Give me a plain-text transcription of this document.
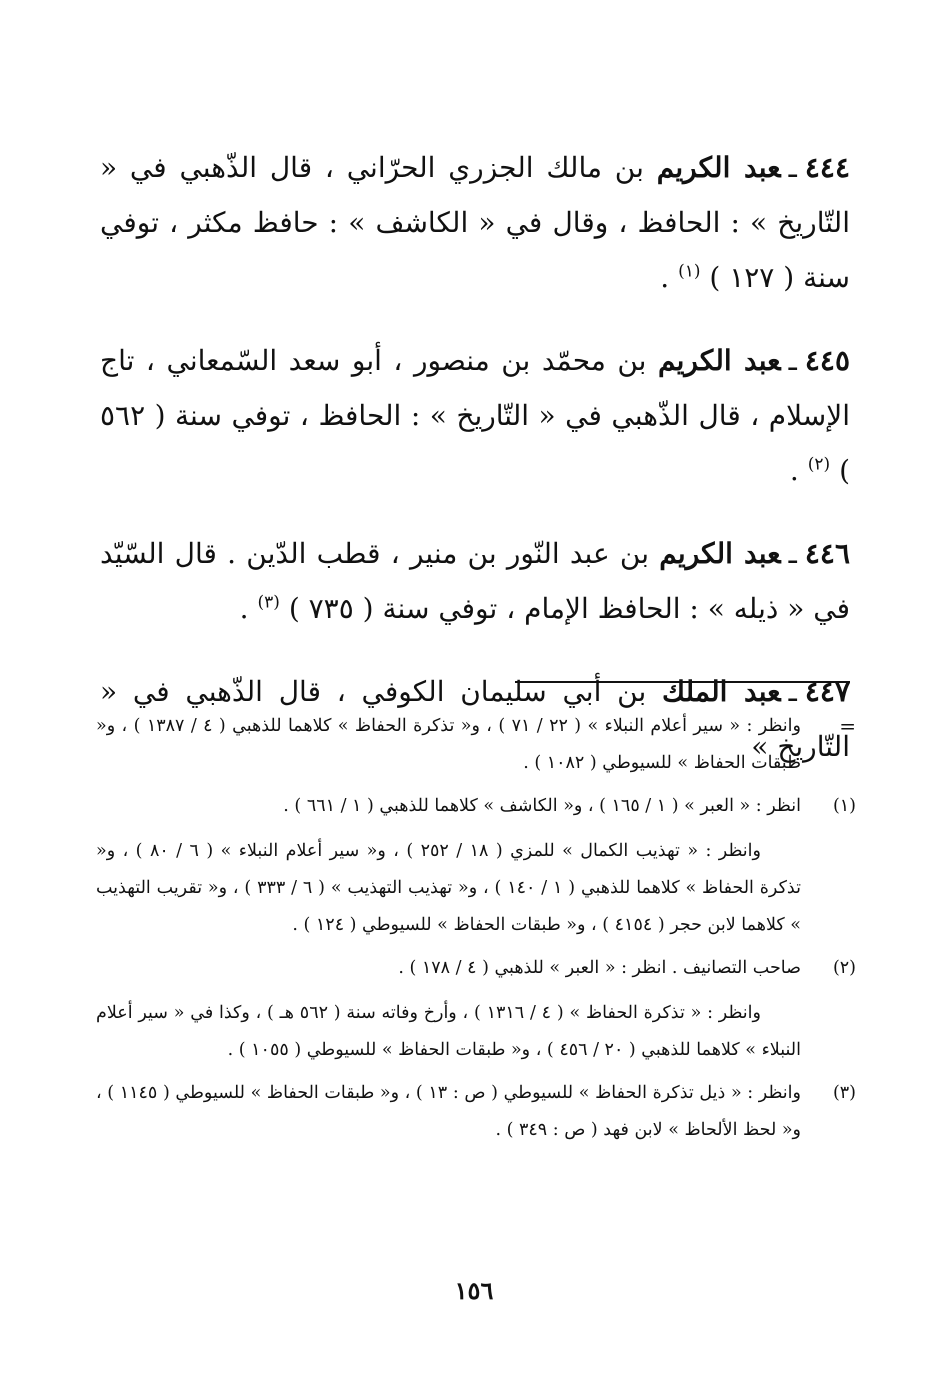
٤٤٤ـعبد الكريم بن مالك الجزري الحرّاني ، قال الذّهبي في « التّاريخ » : الحافظ ، وقال في « الكاشف » : حافظ مكثر ، توفي سنة ( ١٢٧ ) $^{(١)}$ .

٤٤٥ـعبد الكريم بن محمّد بن منصور ، أبو سعد السّمعاني ، تاج الإسلام ، قال الذّهبي في « التّاريخ » : الحافظ ، توفي سنة ( ٥٦٢ ) $^{(٢)}$ .

٤٤٦ـعبد الكريم بن عبد النّور بن منير ، قطب الدّين . قال السّيّد في « ذيله » : الحافظ الإمام ، توفي سنة ( ٧٣٥ ) $^{(٣)}$ .

٤٤٧ـعبد الملك بن أبي سليمان الكوفي ، قال الذّهبي في « التّاريخ »

=
وانظر : « سير أعلام النبلاء » ( ٢٢ / ٧١ ) ، و« تذكرة الحفاظ » كلاهما للذهبي ( ٤ / ١٣٨٧ ) ، و« طبقات الحفاظ » للسيوطي ( ١٠٨٢ ) .
(١)
انظر : « العبر » ( ١ / ١٦٥ ) ، و« الكاشف » كلاهما للذهبي ( ١ / ٦٦١ ) .
وانظر : « تهذيب الكمال » للمزي ( ١٨ / ٢٥٢ ) ، و« سير أعلام النبلاء » ( ٦ / ٨٠ ) ، و« تذكرة الحفاظ » كلاهما للذهبي ( ١ / ١٤٠ ) ، و« تهذيب التهذيب » ( ٦ / ٣٣٣ ) ، و« تقريب التهذيب » كلاهما لابن حجر ( ٤١٥٤ ) ، و« طبقات الحفاظ » للسيوطي ( ١٢٤ ) .
(٢)
صاحب التصانيف . انظر : « العبر » للذهبي ( ٤ / ١٧٨ ) .
وانظر : « تذكرة الحفاظ » ( ٤ / ١٣١٦ ) ، وأرخ وفاته سنة ( ٥٦٢ هـ ) ، وكذا في « سير أعلام النبلاء » كلاهما للذهبي ( ٢٠ / ٤٥٦ ) ، و« طبقات الحفاظ » للسيوطي ( ١٠٥٥ ) .
(٣)
وانظر : « ذيل تذكرة الحفاظ » للسيوطي ( ص : ١٣ ) ، و« طبقات الحفاظ » للسيوطي ( ١١٤٥ ) ، و« لحظ الألحاظ » لابن فهد ( ص : ٣٤٩ ) .
١٥٦
